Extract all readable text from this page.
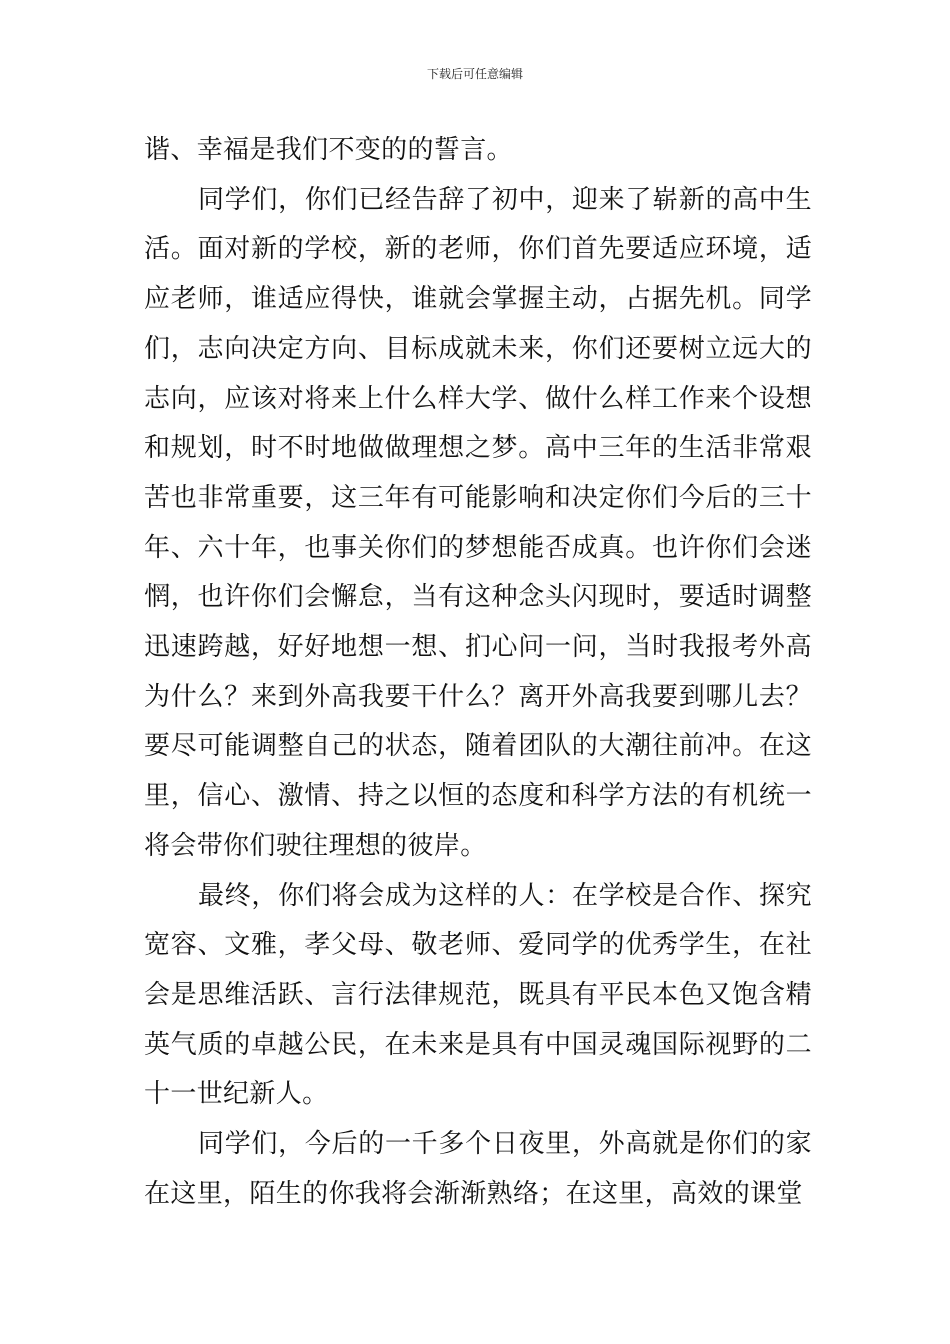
下载后可任意编辑

谐、幸福是我们不变的的誓言。

同学们，你们已经告辞了初中，迎来了崭新的高中生活。面对新的学校，新的老师，你们首先要适应环境，适应老师，谁适应得快，谁就会掌握主动，占据先机。同学们，志向决定方向、目标成就未来，你们还要树立远大的志向，应该对将来上什么样大学、做什么样工作来个设想和规划，时不时地做做理想之梦。高中三年的生活非常艰苦也非常重要，这三年有可能影响和决定你们今后的三十年、六十年，也事关你们的梦想能否成真。也许你们会迷惘，也许你们会懈怠，当有这种念头闪现时，要适时调整迅速跨越，好好地想一想、扪心问一问，当时我报考外高为什么？来到外高我要干什么？离开外高我要到哪儿去？要尽可能调整自己的状态，随着团队的大潮往前冲。在这里，信心、激情、持之以恒的态度和科学方法的有机统一将会带你们驶往理想的彼岸。

最终，你们将会成为这样的人：在学校是合作、探究宽容、文雅，孝父母、敬老师、爱同学的优秀学生，在社会是思维活跃、言行法律规范，既具有平民本色又饱含精英气质的卓越公民，在未来是具有中国灵魂国际视野的二十一世纪新人。

同学们，今后的一千多个日夜里，外高就是你们的家在这里，陌生的你我将会渐渐熟络；在这里，高效的课堂
